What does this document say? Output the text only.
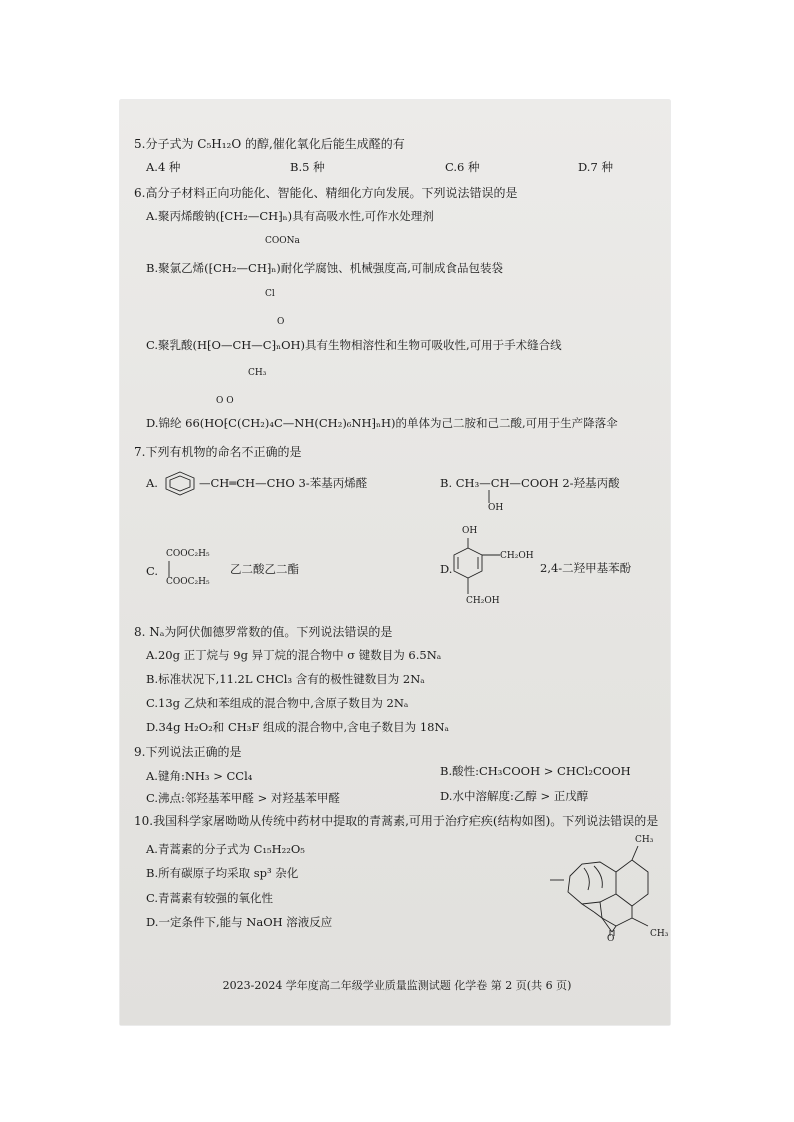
5.分子式为 C₅H₁₂O 的醇,催化氧化后能生成醛的有
A.4 种	B.5 种	C.6 种	D.7 种
6.高分子材料正向功能化、智能化、精细化方向发展。下列说法错误的是
A.聚丙烯酸钠(⁅CH₂—CH⁆ₙ)具有高吸水性,可作水处理剂
COONa
B.聚氯乙烯(⁅CH₂—CH⁆ₙ)耐化学腐蚀、机械强度高,可制成食品包装袋
Cl
O
C.聚乳酸(H⁅O—CH—C⁆ₙOH)具有生物相溶性和生物可吸收性,可用于手术缝合线
CH₃
O O
D.锦纶 66(HO⁅C(CH₂)₄C—NH(CH₂)₆NH⁆ₙH)的单体为己二胺和己二酸,可用于生产降落伞
7.下列有机物的命名不正确的是
A.	—CH═CH—CHO 3-苯基丙烯醛	B. CH₃—CH—COOH 2-羟基丙酸
OH
C.
COOC₂H₅
COOC₂H₅
乙二酸乙二酯	D.
OH
CH₂OH
CH₂OH
2,4-二羟甲基苯酚
8. Nₐ为阿伏伽德罗常数的值。下列说法错误的是
A.20g 正丁烷与 9g 异丁烷的混合物中 σ 键数目为 6.5Nₐ
B.标准状况下,11.2L CHCl₃ 含有的极性键数目为 2Nₐ
C.13g 乙炔和苯组成的混合物中,含原子数目为 2Nₐ
D.34g H₂O₂和 CH₃F 组成的混合物中,含电子数目为 18Nₐ
9.下列说法正确的是
A.键角:NH₃ > CCl₄	B.酸性:CH₃COOH > CHCl₂COOH
C.沸点:邻羟基苯甲醛 > 对羟基苯甲醛	D.水中溶解度:乙醇 > 正戊醇
10.我国科学家屠呦呦从传统中药材中提取的青蒿素,可用于治疗疟疾(结构如图)。下列说法错误的是
A.青蒿素的分子式为 C₁₅H₂₂O₅
B.所有碳原子均采取 sp³ 杂化
C.青蒿素有较强的氧化性
D.一定条件下,能与 NaOH 溶液反应
CH₃
CH₃
O
2023-2024 学年度高二年级学业质量监测试题 化学卷 第 2 页(共 6 页)
